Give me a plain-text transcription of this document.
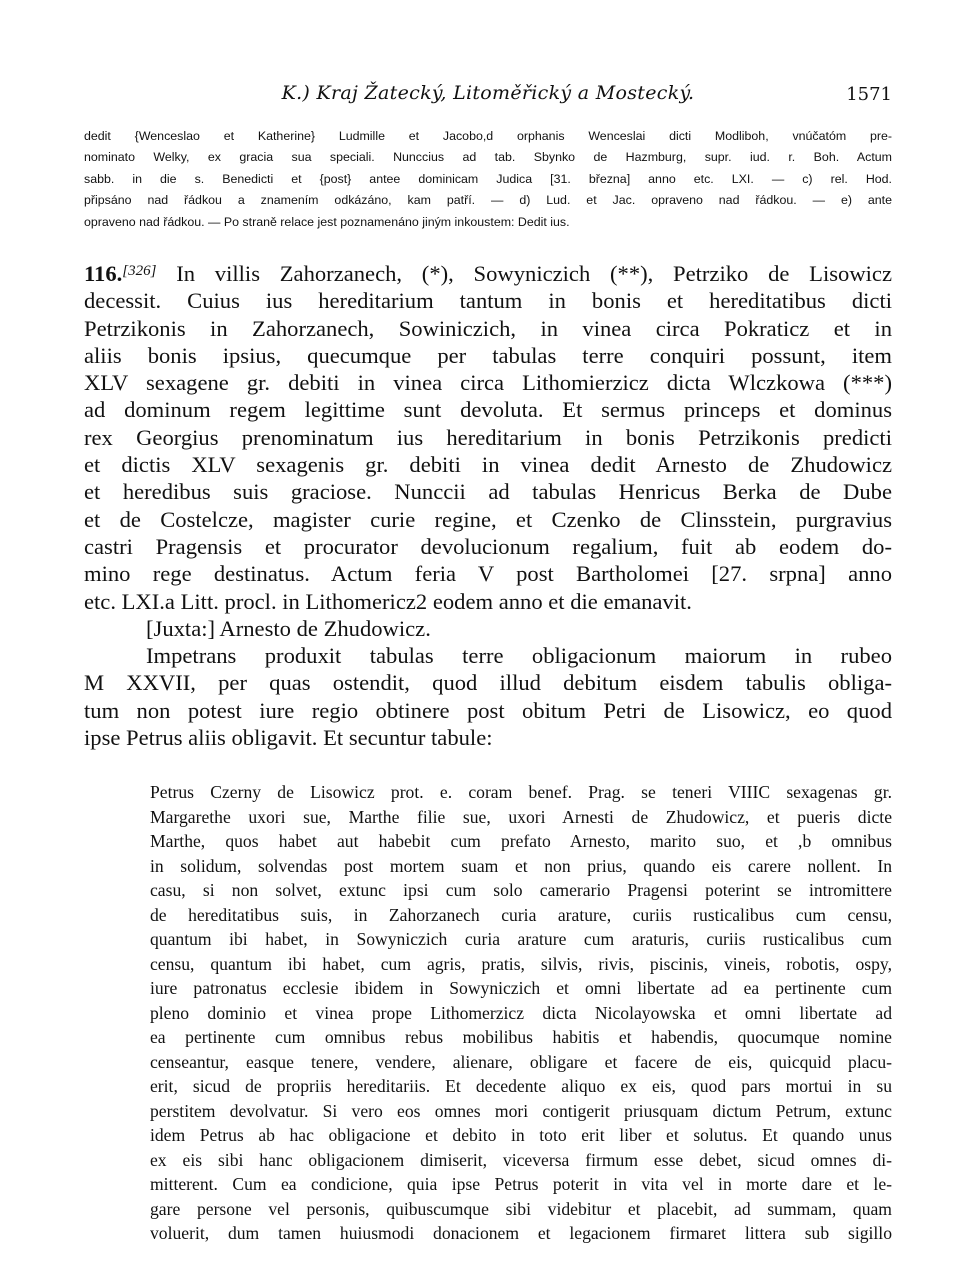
K.) Kraj Žatecký, Litoměřický a Mostecký.	1571
dedit {Wenceslao et Katherine} Ludmille et Jacobo,d orphanis Wenceslai dicti Modliboh, vnúčatóm pre-
nominato Welky, ex gracia sua speciali. Nunccius ad tab. Sbynko de Hazmburg, supr. iud. r. Boh. Actum
sabb. in die s. Benedicti et {post} antee dominicam Judica [31. března] anno etc. LXI. — c) rel. Hod.
připsáno nad řádkou a znamením odkázáno, kam patří. — d) Lud. et Jac. opraveno nad řádkou. — e) ante
opraveno nad řádkou. — Po straně relace jest poznamenáno jiným inkoustem: Dedit ius.
116.[326] In villis Zahorzanech, (*), Sowyniczich (**), Petrziko de Lisowicz
decessit. Cuius ius hereditarium tantum in bonis et hereditatibus dicti
Petrzikonis in Zahorzanech, Sowiniczich, in vinea circa Pokraticz et in
aliis bonis ipsius, quecumque per tabulas terre conquiri possunt, item
XLV sexagene gr. debiti in vinea circa Lithomierzicz dicta Wlczkowa (***)
ad dominum regem legittime sunt devoluta. Et sermus princeps et dominus
rex Georgius prenominatum ius hereditarium in bonis Petrzikonis predicti
et dictis XLV sexagenis gr. debiti in vinea dedit Arnesto de Zhudowicz
et heredibus suis graciose. Nunccii ad tabulas Henricus Berka de Dube
et de Costelcze, magister curie regine, et Czenko de Clinsstein, purgravius
castri Pragensis et procurator devolucionum regalium, fuit ab eodem do-
mino rege destinatus. Actum feria V post Bartholomei [27. srpna] anno
etc. LXI.a Litt. procl. in Lithomericz2 eodem anno et die emanavit.
[Juxta:] Arnesto de Zhudowicz.
Impetrans produxit tabulas terre obligacionum maiorum in rubeo
M XXVII, per quas ostendit, quod illud debitum eisdem tabulis obliga-
tum non potest iure regio obtinere post obitum Petri de Lisowicz, eo quod
ipse Petrus aliis obligavit. Et secuntur tabule:
Petrus Czerny de Lisowicz prot. e. coram benef. Prag. se teneri VIIIC sexagenas gr.
Margarethe uxori sue, Marthe filie sue, uxori Arnesti de Zhudowicz, et pueris dicte
Marthe, quos habet aut habebit cum prefato Arnesto, marito suo, et ,b omnibus
in solidum, solvendas post mortem suam et non prius, quando eis carere nollent. In
casu, si non solvet, extunc ipsi cum solo camerario Pragensi poterint se intromittere
de hereditatibus suis, in Zahorzanech curia arature, curiis rusticalibus cum censu,
quantum ibi habet, in Sowyniczich curia arature cum araturis, curiis rusticalibus cum
censu, quantum ibi habet, cum agris, pratis, silvis, rivis, piscinis, vineis, robotis, ospy,
iure patronatus ecclesie ibidem in Sowyniczich et omni libertate ad ea pertinente cum
pleno dominio et vinea prope Lithomerzicz dicta Nicolayowska et omni libertate ad
ea pertinente cum omnibus rebus mobilibus habitis et habendis, quocumque nomine
censeantur, easque tenere, vendere, alienare, obligare et facere de eis, quicquid placu-
erit, sicud de propriis hereditariis. Et decedente aliquo ex eis, quod pars mortui in su
perstitem devolvatur. Si vero eos omnes mori contigerit priusquam dictum Petrum, extunc
idem Petrus ab hac obligacione et debito in toto erit liber et solutus. Et quando unus
ex eis sibi hanc obligacionem dimiserit, viceversa firmum esse debet, sicud omnes di-
mitterent. Cum ea condicione, quia ipse Petrus poterit in vita vel in morte dare et le-
gare persone vel personis, quibuscumque sibi videbitur et placebit, ad summam, quam
voluerit, dum tamen huiusmodi donacionem et legacionem firmaret littera sub sigillo
